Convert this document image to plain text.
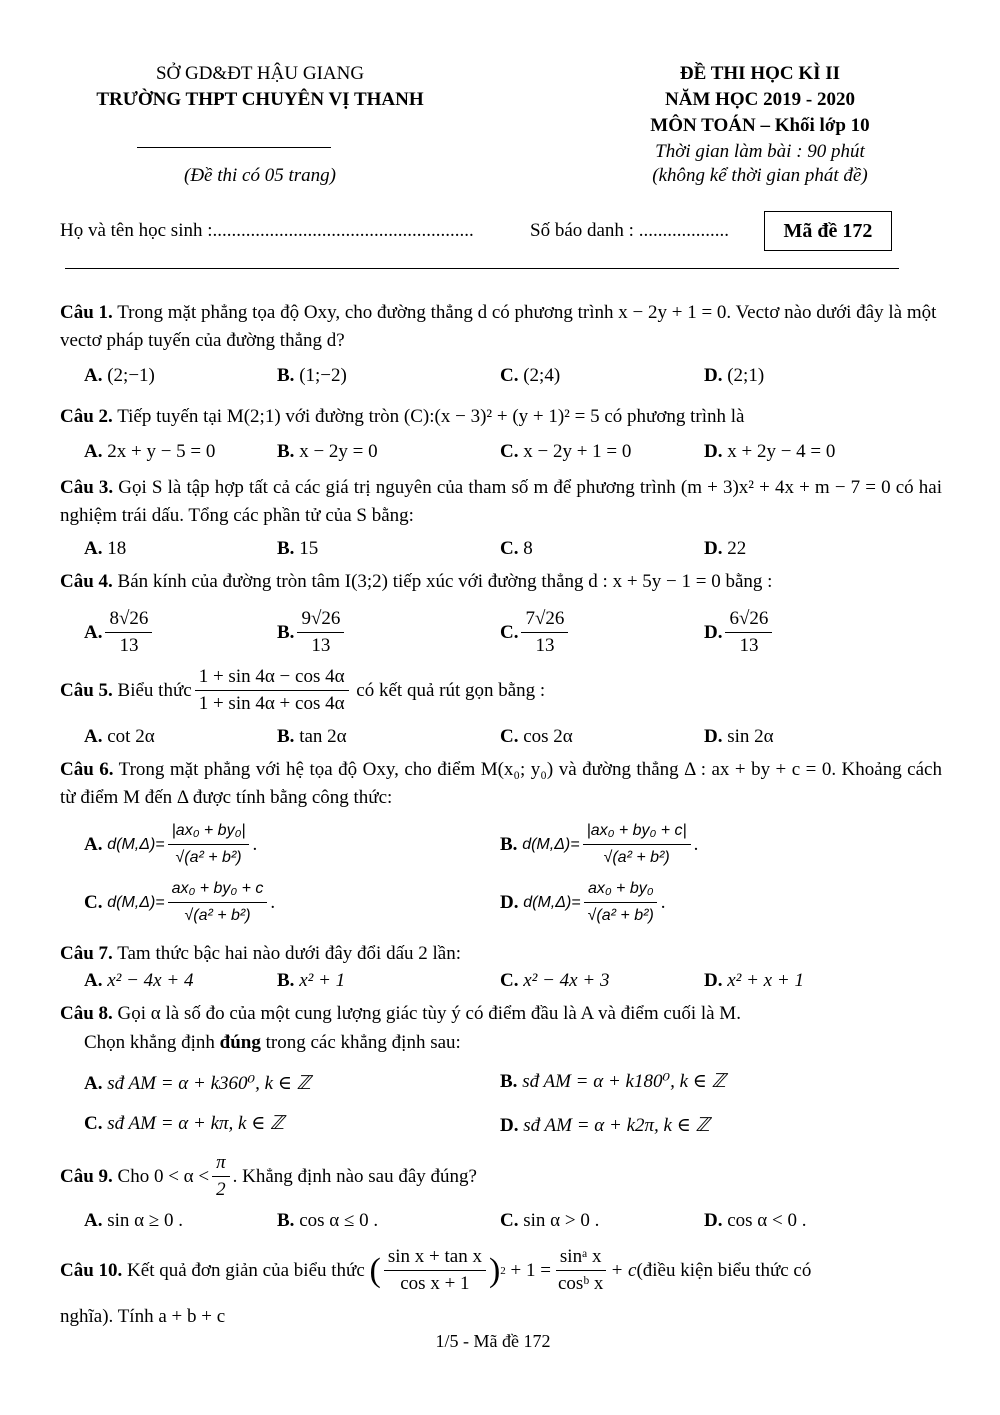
SỞ GD&ĐT HẬU GIANG
TRƯỜNG THPT CHUYÊN VỊ THANH
(Đề thi có 05 trang)
ĐỀ THI HỌC KÌ II
NĂM HỌC 2019 - 2020
MÔN TOÁN – Khối lớp 10
Thời gian làm bài : 90 phút
(không kể thời gian phát đề)
Họ và tên học sinh :.......................................................	Số báo danh : ...................	Mã đề 172
Câu 1. Trong mặt phẳng tọa độ Oxy, cho đường thẳng d có phương trình x − 2y + 1 = 0. Vectơ nào dưới đây là một vectơ pháp tuyến của đường thẳng d?
A. (2;−1)	B. (1;−2)	C. (2;4)	D. (2;1)
Câu 2. Tiếp tuyến tại M(2;1) với đường tròn (C):(x − 3)² + (y + 1)² = 5 có phương trình là
A. 2x + y − 5 = 0	B. x − 2y = 0	C. x − 2y + 1 = 0	D. x + 2y − 4 = 0
Câu 3. Gọi S là tập hợp tất cả các giá trị nguyên của tham số m để phương trình (m + 3)x² + 4x + m − 7 = 0 có hai nghiệm trái dấu. Tổng các phần tử của S bằng:
A. 18	B. 15	C. 8	D. 22
Câu 4. Bán kính của đường tròn tâm I(3;2) tiếp xúc với đường thẳng d : x + 5y − 1 = 0 bằng :
A. $\frac{8√26}{13}$	B. $\frac{9√26}{13}$	C. $\frac{7√26}{13}$	D. $\frac{6√26}{13}$
Câu 5.
Biểu thức $\frac{1 + \sin 4\alpha - \cos 4\alpha}{1 + \sin 4\alpha + \cos 4\alpha}$
có kết quả rút gọn bằng :
A. cot 2α	B. tan 2α	C. cos 2α	D. sin 2α
Câu 6. Trong mặt phẳng với hệ tọa độ Oxy, cho điểm M(x₀; y₀) và đường thẳng Δ : ax + by + c = 0. Khoảng cách từ điểm M đến Δ được tính bằng công thức:
A.
$d(M,\Delta)= \frac{\text{|ax₀ + by₀|}}{\text{√(a² + b²)}}$ .	B.
$d(M,\Delta)= \frac{\text{|ax₀ + by₀ + c|}}{\text{√(a² + b²)}}$ .
C.
$d(M,\Delta)= \frac{\text{ax₀ + by₀ + c}}{\text{√(a² + b²)}}$ .	D.
$d(M,\Delta)= \frac{\text{ax₀ + by₀}}{\text{√(a² + b²)}}$ .
Câu 7. Tam thức bậc hai nào dưới đây đổi dấu 2 lần:
A. x² − 4x + 4	B. x² + 1	C. x² − 4x + 3	D. x² + x + 1
Câu 8. Gọi α là số đo của một cung lượng giác tùy ý có điểm đầu là A và điểm cuối là M.
Chọn khẳng định đúng trong các khẳng định sau:
A. sđ AM = α + k360⁰, k ∈ ℤ	B. sđ AM = α + k180⁰, k ∈ ℤ
C. sđ AM = α + kπ, k ∈ ℤ	D. sđ AM = α + k2π, k ∈ ℤ
Câu 9.
Cho $0 < \alpha < \frac{\pi}{2}$ . Khẳng định nào sau đây đúng?
A. sin α ≥ 0 .	B. cos α ≤ 0 .	C. sin α > 0 .	D. cos α < 0 .
Câu 10.
Kết quả đơn giản của biểu thức
( $\frac{\text{sin x + tan x}}{\text{cos x + 1}}$ ) 2
+ $1 = \frac{\text{sinᵃ x}}{\text{cosᵇ x}} + c$ (điều kiện biểu thức có
nghĩa). Tính a + b + c
1/5 - Mã đề 172
